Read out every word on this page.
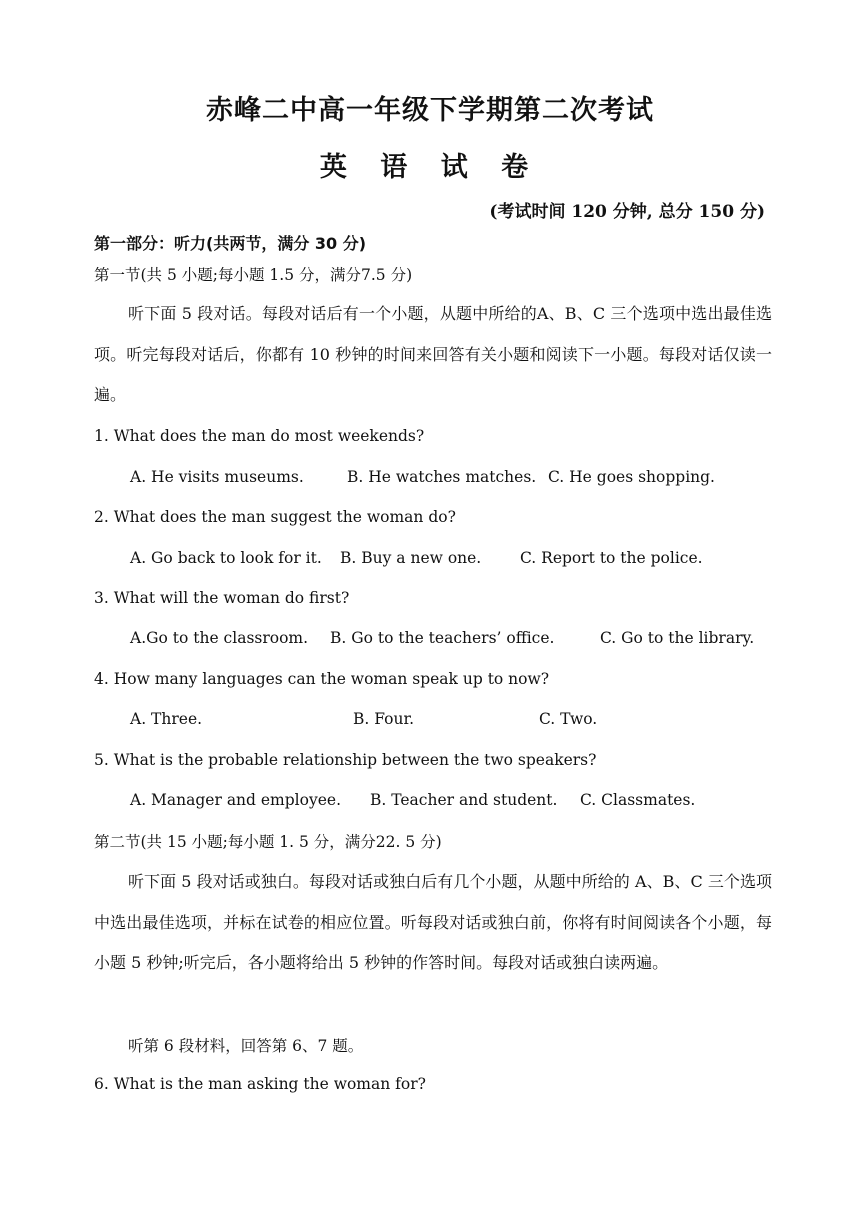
赤峰二中高一年级下学期第二次考试
英 语 试 卷
(考试时间 120 分钟, 总分 150 分)
第一部分：听力(共两节，满分 30 分)
第一节(共 5 小题;每小题 1.5 分，满分7.5 分)

听下面 5 段对话。每段对话后有一个小题，从题中所给的A、B、C 三个选项中选出最佳选项。听完每段对话后，你都有 10 秒钟的时间来回答有关小题和阅读下一小题。每段对话仅读一遍。

1. What does the man do most weekends?
A. He visits museums.	B. He watches matches. C. He goes shopping.
2. What does the man suggest the woman do?
A. Go back to look for it. B. Buy a new one.	C. Report to the police.
3. What will the woman do first?
A.Go to the classroom. B. Go to the teachers’ office.	C. Go to the library.
4. How many languages can the woman speak up to now?
A. Three.	B. Four.	C. Two.
5. What is the probable relationship between the two speakers?
A. Manager and employee. B. Teacher and student. C. Classmates.
第二节(共 15 小题;每小题 1. 5 分，满分22. 5 分)

听下面 5 段对话或独白。每段对话或独白后有几个小题，从题中所给的 A、B、C 三个选项中选出最佳选项，并标在试卷的相应位置。听每段对话或独白前，你将有时间阅读各个小题，每小题 5 秒钟;听完后，各小题将给出 5 秒钟的作答时间。每段对话或独白读两遍。

听第 6 段材料，回答第 6、7 题。
6. What is the man asking the woman for?
